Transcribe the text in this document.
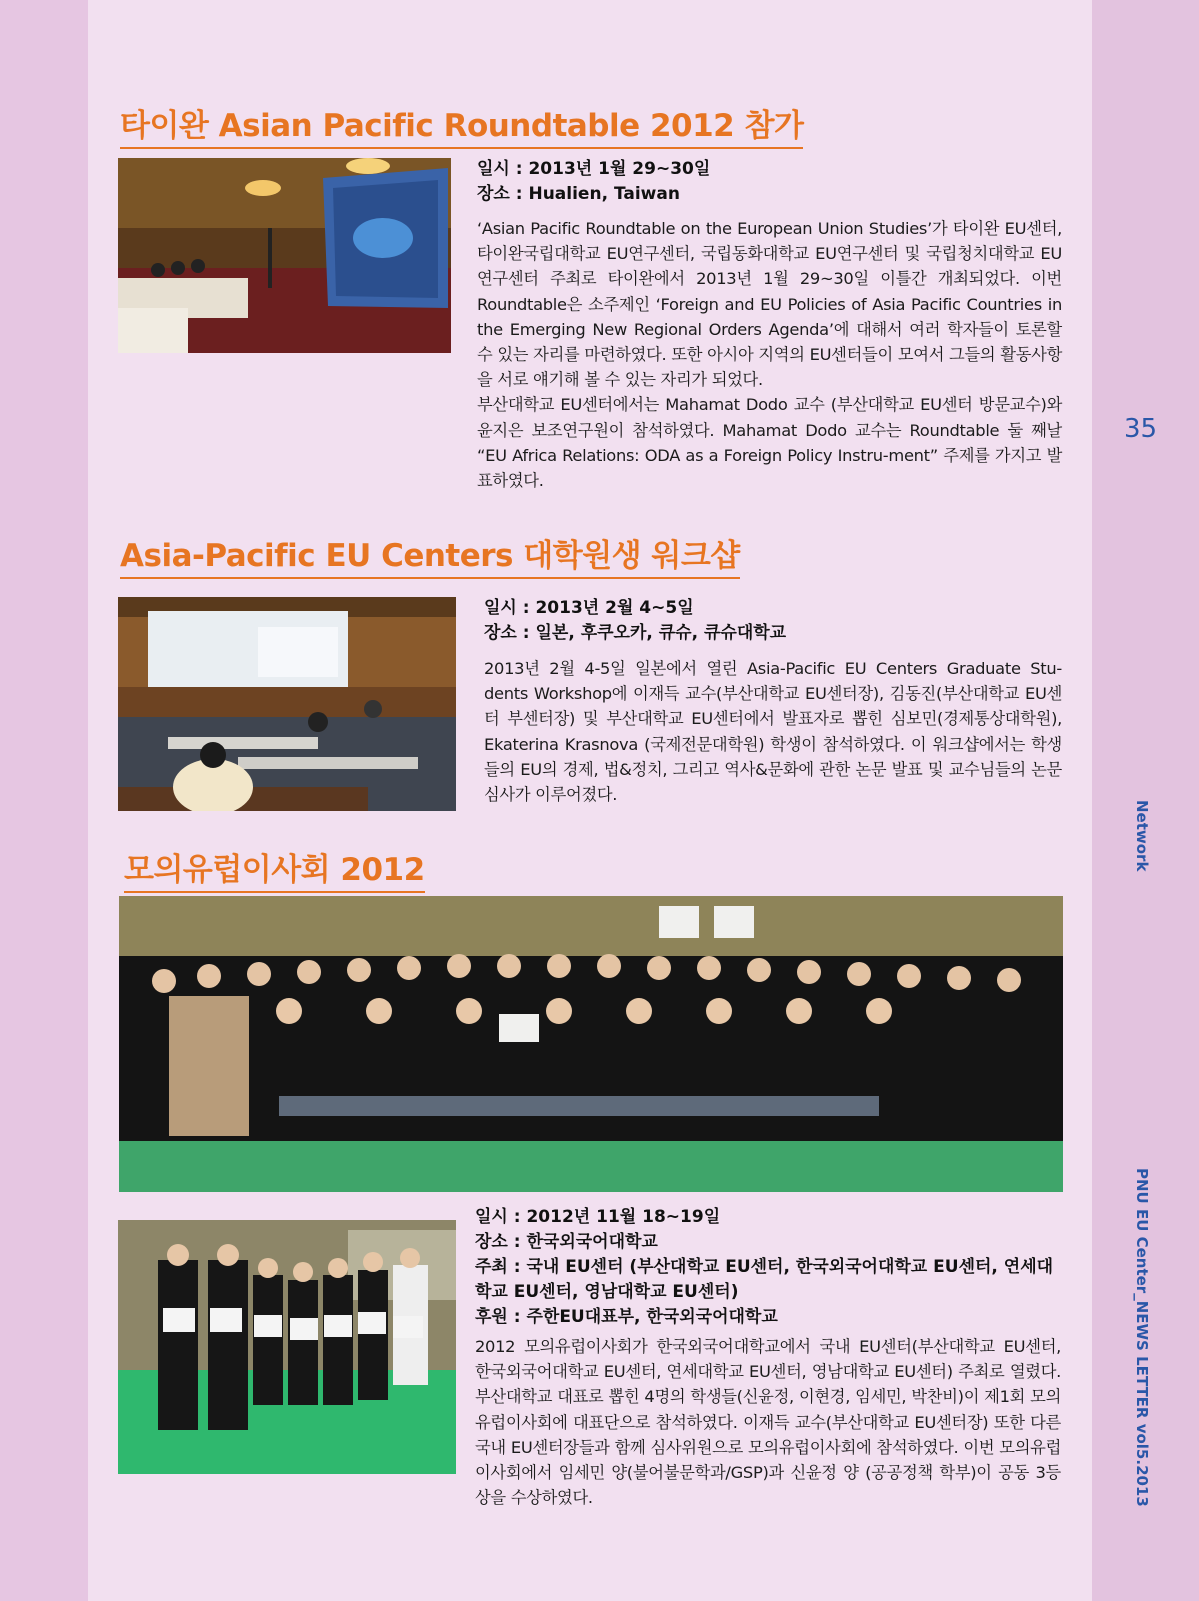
35
Network
PNU EU Center_NEWS LETTER vol5.2013
타이완 Asian Pacific Roundtable 2012 참가
일시 : 2013년 1월 29~30일
장소 : Hualien, Taiwan

‘Asian Pacific Roundtable on the European Union Studies’가 타이완 EU센터, 타이완국립대학교 EU연구센터, 국립동화대학교 EU연구센터 및 국립청치대학교 EU연구센터 주최로 타이완에서 2013년 1월 29~30일 이틀간 개최되었다. 이번 Roundtable은 소주제인 ‘Foreign and EU Policies of Asia Pacific Countries in the Emerging New Regional Orders Agenda’에 대해서 여러 학자들이 토론할 수 있는 자리를 마련하였다. 또한 아시아 지역의 EU센터들이 모여서 그들의 활동사항을 서로 얘기해 볼 수 있는 자리가 되었다.

부산대학교 EU센터에서는 Mahamat Dodo 교수 (부산대학교 EU센터 방문교수)와 윤지은 보조연구원이 참석하였다. Mahamat Dodo 교수는 Roundtable 둘 째날 “EU Africa Relations: ODA as a Foreign Policy Instru-ment” 주제를 가지고 발표하였다.

Asia-Pacific EU Centers 대학원생 워크샵
일시 : 2013년 2월 4~5일
장소 : 일본, 후쿠오카, 큐슈, 큐슈대학교

2013년 2월 4-5일 일본에서 열린 Asia-Pacific EU Centers Graduate Stu-dents Workshop에 이재득 교수(부산대학교 EU센터장), 김동진(부산대학교 EU센터 부센터장) 및 부산대학교 EU센터에서 발표자로 뽑힌 심보민(경제통상대학원), Ekaterina Krasnova (국제전문대학원) 학생이 참석하였다. 이 워크샵에서는 학생들의 EU의 경제, 법&정치, 그리고 역사&문화에 관한 논문 발표 및 교수님들의 논문 심사가 이루어졌다.

모의유럽이사회 2012
일시 : 2012년 11월 18~19일
장소 : 한국외국어대학교
주최 : 국내 EU센터 (부산대학교 EU센터, 한국외국어대학교 EU센터, 연세대학교 EU센터, 영남대학교 EU센터)
후원 : 주한EU대표부, 한국외국어대학교

2012 모의유럽이사회가 한국외국어대학교에서 국내 EU센터(부산대학교 EU센터, 한국외국어대학교 EU센터, 연세대학교 EU센터, 영남대학교 EU센터) 주최로 열렸다. 부산대학교 대표로 뽑힌 4명의 학생들(신윤정, 이현경, 임세민, 박찬비)이 제1회 모의유럽이사회에 대표단으로 참석하였다. 이재득 교수(부산대학교 EU센터장) 또한 다른 국내 EU센터장들과 함께 심사위원으로 모의유럽이사회에 참석하였다. 이번 모의유럽이사회에서 임세민 양(불어불문학과/GSP)과 신윤정 양 (공공정책 학부)이 공동 3등 상을 수상하였다.
